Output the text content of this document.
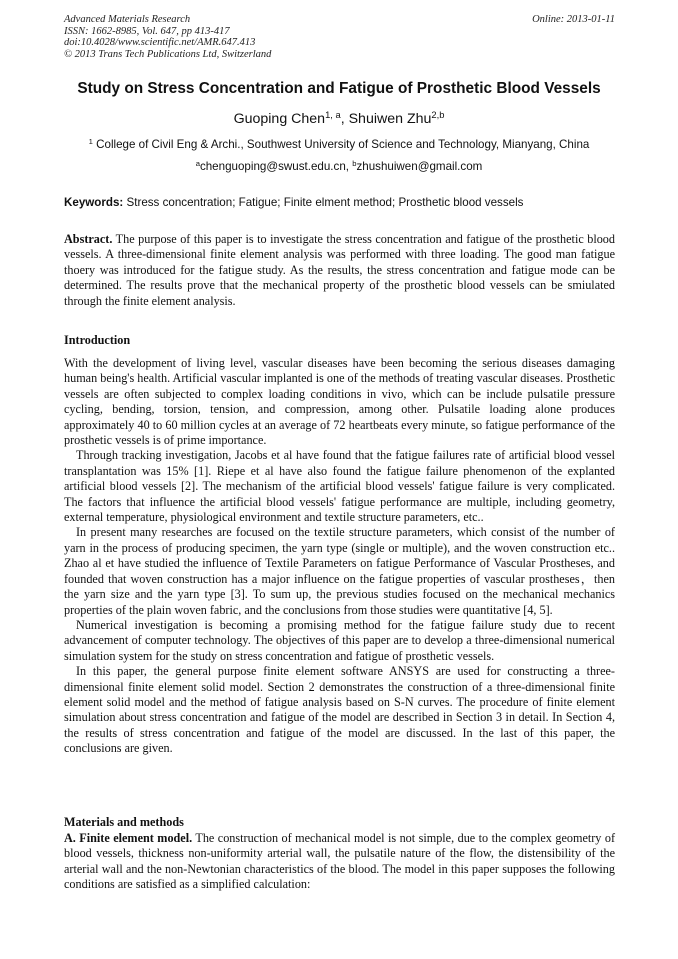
Advanced Materials Research
ISSN: 1662-8985, Vol. 647, pp 413-417
doi:10.4028/www.scientific.net/AMR.647.413
© 2013 Trans Tech Publications Ltd, Switzerland
Online: 2013-01-11
Study on Stress Concentration and Fatigue of Prosthetic Blood Vessels
Guoping Chen$^{1, a}$, Shuiwen Zhu$^{2,b}$
$^1$ College of Civil Eng & Archi., Southwest University of Science and Technology, Mianyang, China
$^a$chenguoping@swust.edu.cn, $^b$zhushuiwen@gmail.com
Keywords: Stress concentration; Fatigue; Finite elment method; Prosthetic blood vessels

Abstract. The purpose of this paper is to investigate the stress concentration and fatigue of the prosthetic blood vessels. A three-dimensional finite element analysis was performed with three loading. The good man fatigue thoery was introduced for the fatigue study. As the results, the stress concentration and fatigue mode can be determined. The results prove that the mechanical property of the prosthetic blood vessels can be smiulated through the finite element analysis.

Introduction

With the development of living level, vascular diseases have been becoming the serious diseases damaging human being's health. Artificial vascular implanted is one of the methods of treating vascular diseases. Prosthetic vessels are often subjected to complex loading conditions in vivo, which can be include pulsatile pressure cycling, bending, torsion, tension, and compression, among other. Pulsatile loading alone produces approximately 40 to 60 million cycles at an average of 72 heartbeats every minute, so fatigue performance of the prosthetic vessels is of prime importance.

Through tracking investigation, Jacobs et al have found that the fatigue failures rate of artificial blood vessel transplantation was 15% [1]. Riepe et al have also found the fatigue failure phenomenon of the explanted artificial blood vessels [2]. The mechanism of the artificial blood vessels' fatigue failure is very complicated. The factors that influence the artificial blood vessels' fatigue performance are multiple, including geometry, external temperature, physiological environment and textile structure parameters, etc..

In present many researches are focused on the textile structure parameters, which consist of the number of yarn in the process of producing specimen, the yarn type (single or multiple), and the woven construction etc.. Zhao al et have studied the influence of Textile Parameters on fatigue Performance of Vascular Prostheses, and founded that woven construction has a major influence on the fatigue properties of vascular prostheses，then the yarn size and the yarn type [3]. To sum up, the previous studies focused on the mechanical mechanics properties of the plain woven fabric, and the conclusions from those studies were quantitative [4, 5].

Numerical investigation is becoming a promising method for the fatigue failure study due to recent advancement of computer technology. The objectives of this paper are to develop a three-dimensional numerical simulation system for the study on stress concentration and fatigue of prosthetic vessels.

In this paper, the general purpose finite element software ANSYS are used for constructing a three-dimensional finite element solid model. Section 2 demonstrates the construction of a three-dimensional finite element solid model and the method of fatigue analysis based on S-N curves. The procedure of finite element simulation about stress concentration and fatigue of the model are described in Section 3 in detail. In Section 4, the results of stress concentration and fatigue of the model are discussed. In the last of this paper, the conclusions are given.

Materials and methods

A. Finite element model. The construction of mechanical model is not simple, due to the complex geometry of blood vessels, thickness non-uniformity arterial wall, the pulsatile nature of the flow, the distensibility of the arterial wall and the non-Newtonian characteristics of the blood. The model in this paper supposes the following conditions are satisfied as a simplified calculation:
